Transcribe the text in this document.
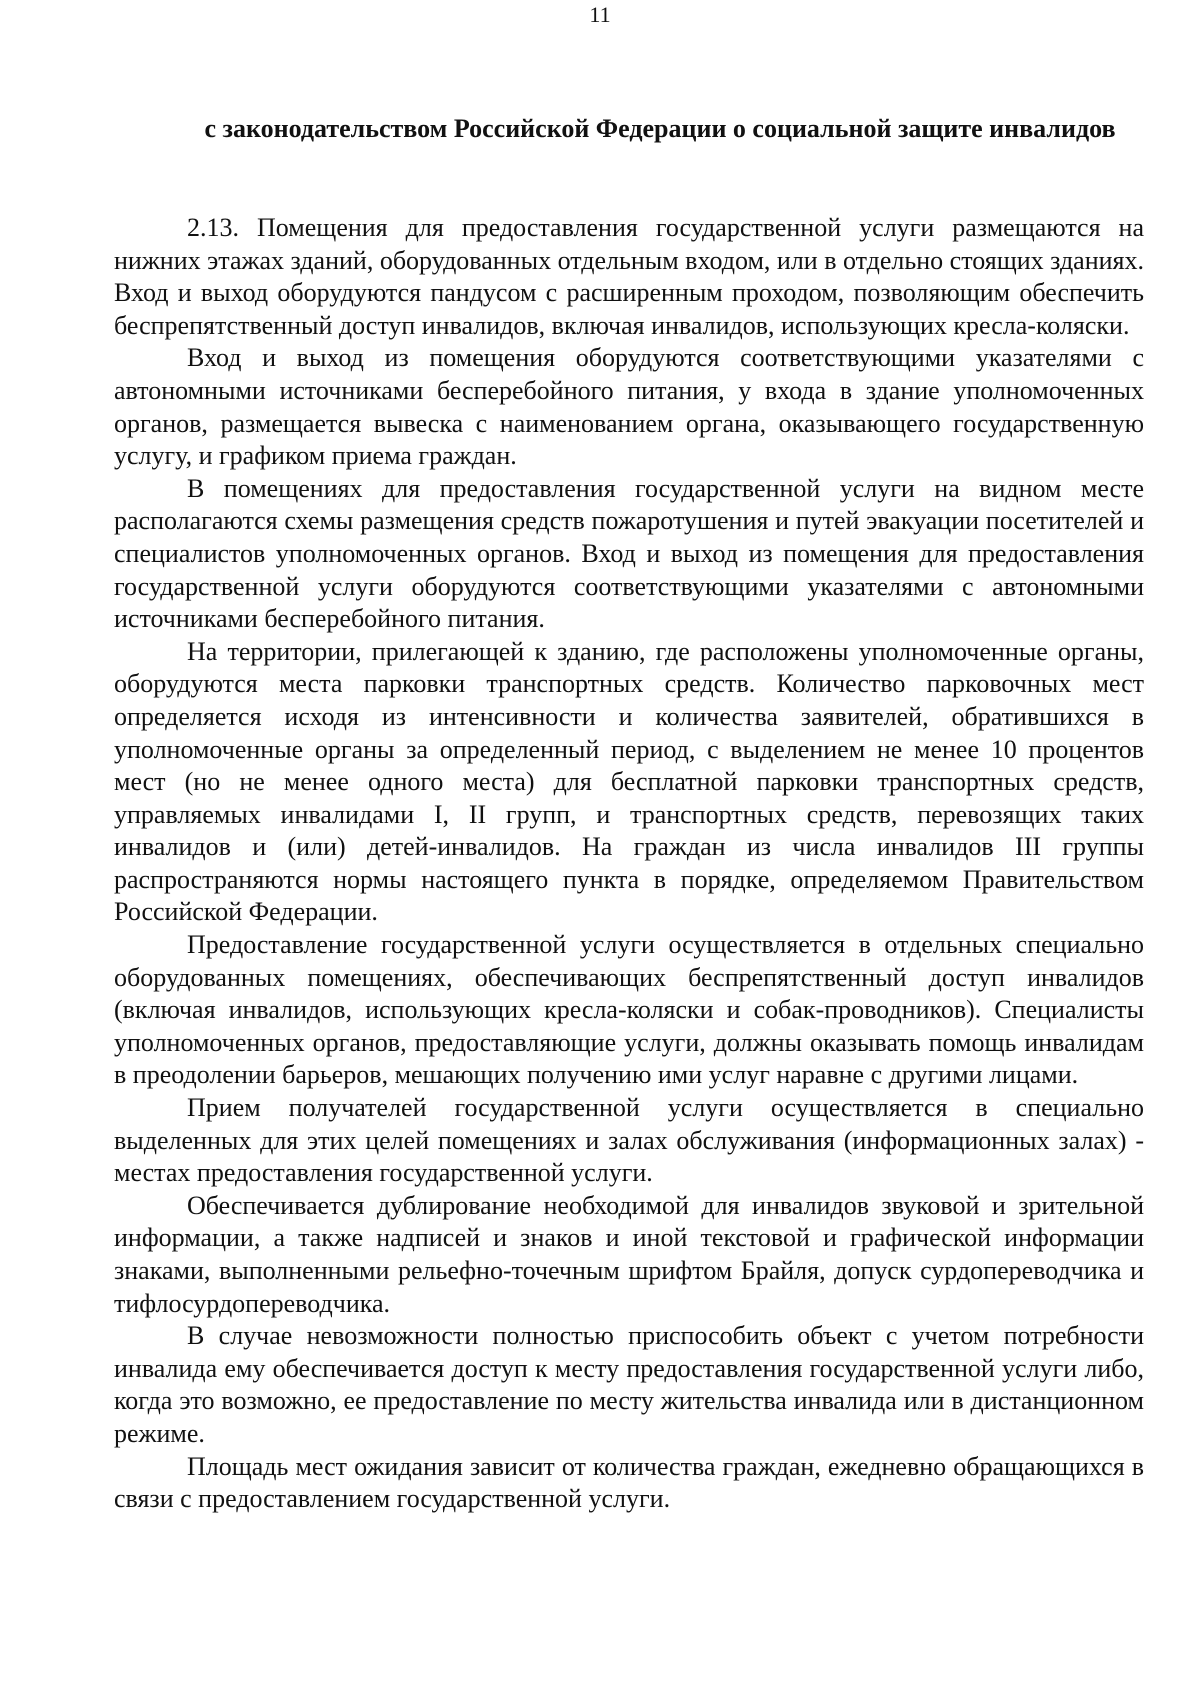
11
с законодательством Российской Федерации о социальной защите инвалидов

2.13. Помещения для предоставления государственной услуги размещаются на нижних этажах зданий, оборудованных отдельным входом, или в отдельно стоящих зданиях. Вход и выход оборудуются пандусом с расширенным проходом, позволяющим обеспечить беспрепятственный доступ инвалидов, включая инвалидов, использующих кресла-коляски.

Вход и выход из помещения оборудуются соответствующими указателями с автономными источниками бесперебойного питания, у входа в здание уполномоченных органов, размещается вывеска с наименованием органа, оказывающего государственную услугу, и графиком приема граждан.

В помещениях для предоставления государственной услуги на видном месте располагаются схемы размещения средств пожаротушения и путей эвакуации посетителей и специалистов уполномоченных органов. Вход и выход из помещения для предоставления государственной услуги оборудуются соответствующими указателями с автономными источниками бесперебойного питания.

На территории, прилегающей к зданию, где расположены уполномоченные органы, оборудуются места парковки транспортных средств. Количество парковочных мест определяется исходя из интенсивности и количества заявителей, обратившихся в уполномоченные органы за определенный период, с выделением не менее 10 процентов мест (но не менее одного места) для бесплатной парковки транспортных средств, управляемых инвалидами I, II групп, и транспортных средств, перевозящих таких инвалидов и (или) детей-инвалидов. На граждан из числа инвалидов III группы распространяются нормы настоящего пункта в порядке, определяемом Правительством Российской Федерации.

Предоставление государственной услуги осуществляется в отдельных специально оборудованных помещениях, обеспечивающих беспрепятственный доступ инвалидов (включая инвалидов, использующих кресла-коляски и собак-проводников). Специалисты уполномоченных органов, предоставляющие услуги, должны оказывать помощь инвалидам в преодолении барьеров, мешающих получению ими услуг наравне с другими лицами.

Прием получателей государственной услуги осуществляется в специально выделенных для этих целей помещениях и залах обслуживания (информационных залах) - местах предоставления государственной услуги.

Обеспечивается дублирование необходимой для инвалидов звуковой и зрительной информации, а также надписей и знаков и иной текстовой и графической информации знаками, выполненными рельефно-точечным шрифтом Брайля, допуск сурдопереводчика и тифлосурдопереводчика.

В случае невозможности полностью приспособить объект с учетом потребности инвалида ему обеспечивается доступ к месту предоставления государственной услуги либо, когда это возможно, ее предоставление по месту жительства инвалида или в дистанционном режиме.

Площадь мест ожидания зависит от количества граждан, ежедневно обращающихся в связи с предоставлением государственной услуги.
